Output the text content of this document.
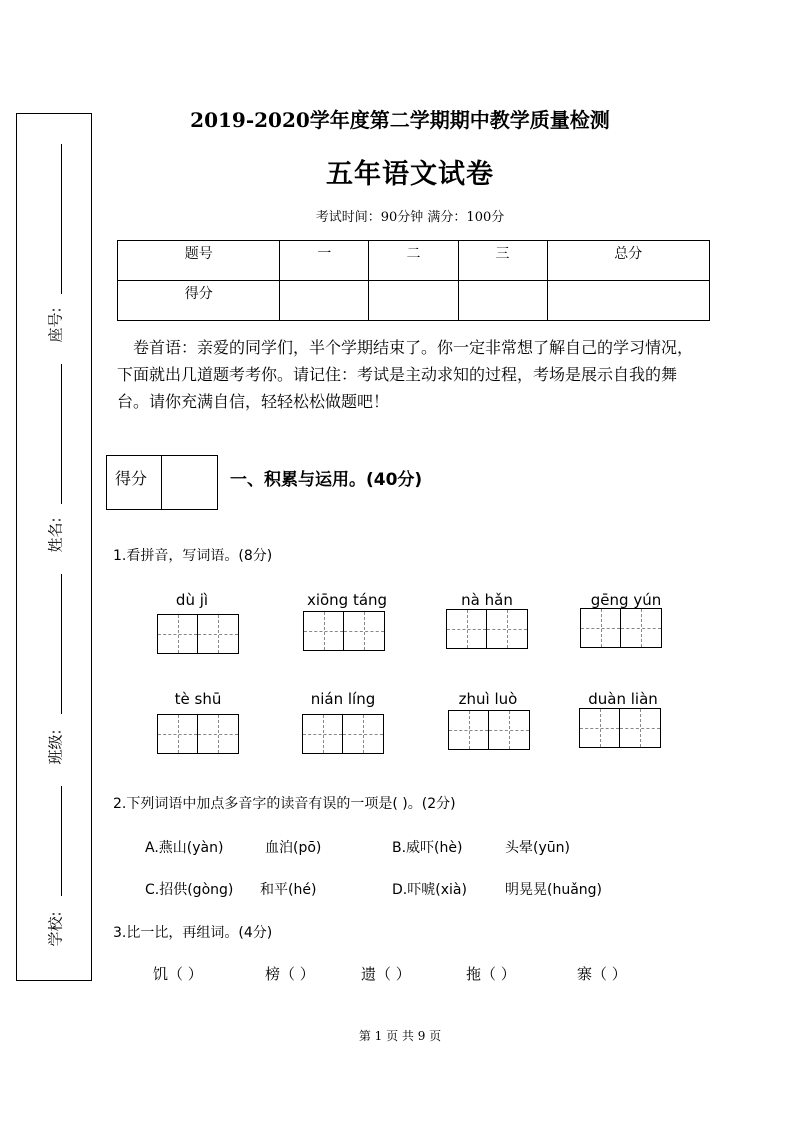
座号:
姓名:
班级:
学校:
2019-2020学年度第二学期期中教学质量检测
五年语文试卷
考试时间：90分钟 满分：100分
题号	一	二	三	总分
得分				
卷首语：亲爱的同学们，半个学期结束了。你一定非常想了解自己的学习情况，下面就出几道题考考你。请记住：考试是主动求知的过程，考场是展示自我的舞台。请你充满自信，轻轻松松做题吧！
得分	一、积累与运用。(40分)
1.看拼音，写词语。(8分)
dù jì	xiōng táng	nà hǎn	gēng yún
tè shū	nián líng	zhuì luò	duàn liàn
2.下列词语中加点多音字的读音有误的一项是( )。(2分)
A.燕山(yàn)	血泊(pō)	B.威吓(hè)	头晕(yūn)
C.招供(gòng) 和平(hé)	D.吓唬(xià)	明晃晃(huǎng)
3.比一比，再组词。(4分)
饥（ ）	榜（ ）	遗（ ）	拖（ ）	寨（ ）
第 1 页 共 9 页
